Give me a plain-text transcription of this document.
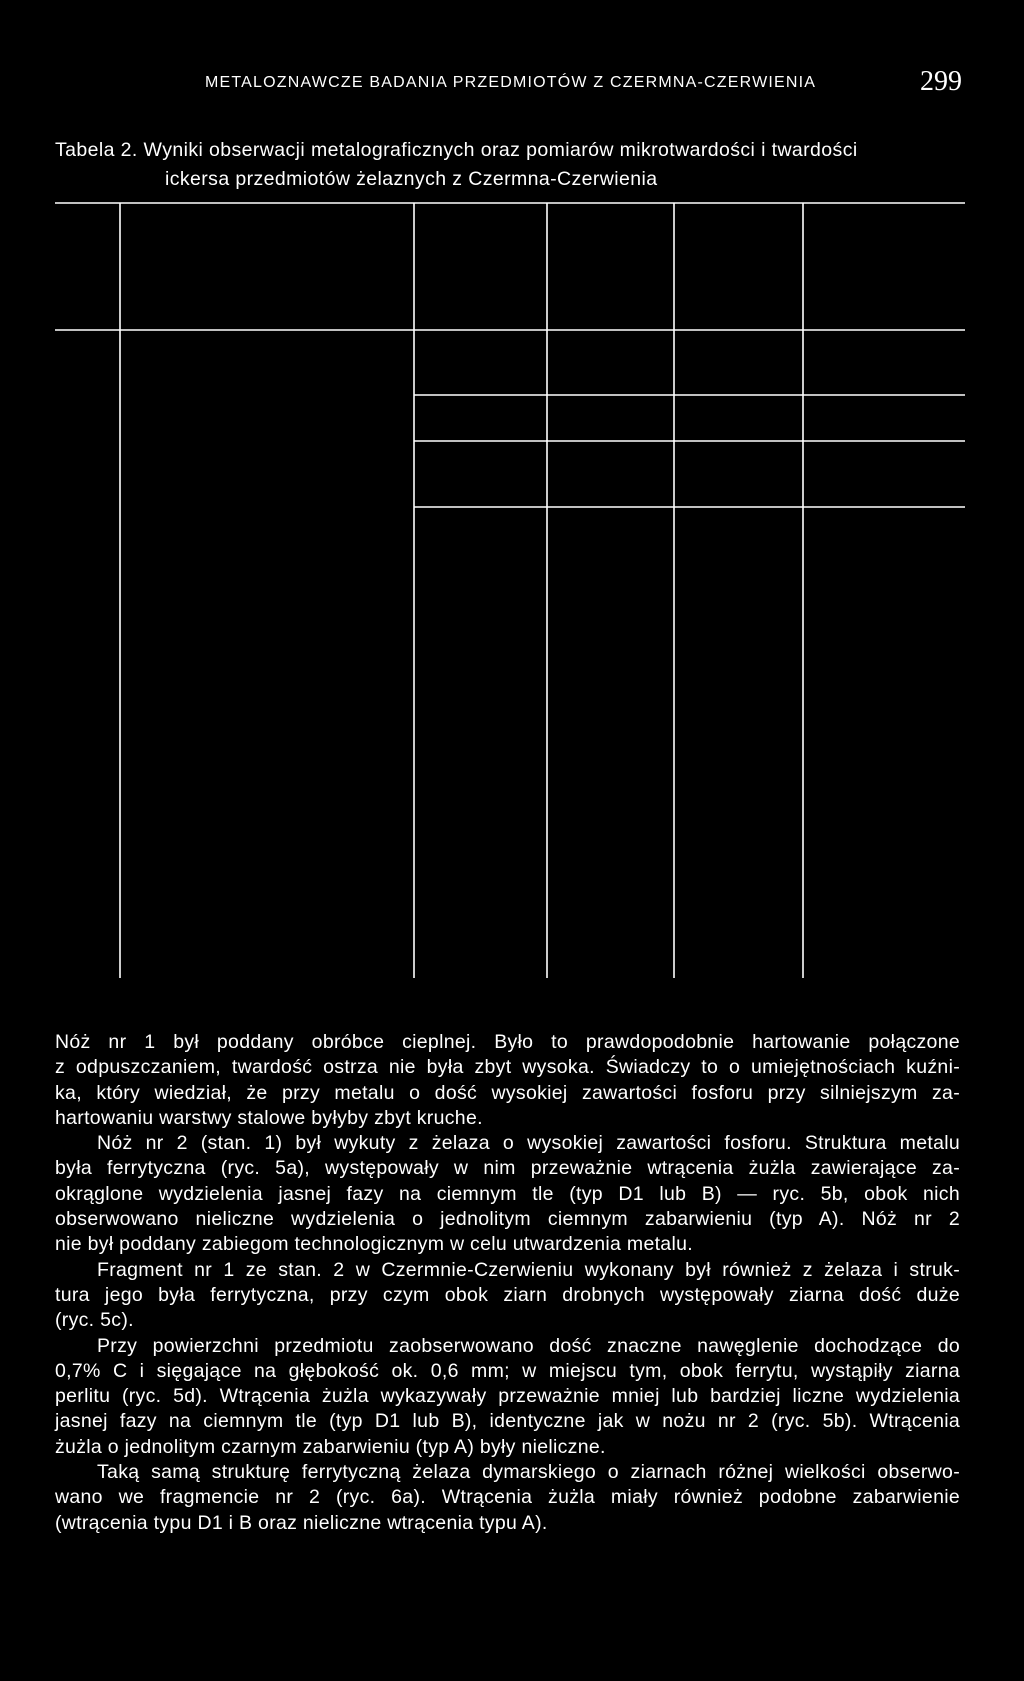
METALOZNAWCZE BADANIA PRZEDMIOTÓW Z CZERMNA-CZERWIENIA	299
Tabela 2. Wyniki obserwacji metalograficznych oraz pomiarów mikrotwardości i twardości
ickersa przedmiotów żelaznych z Czermna-Czerwienia

Nóż nr 1 był poddany obróbce cieplnej. Było to prawdopodobnie hartowanie połączone
z odpuszczaniem, twardość ostrza nie była zbyt wysoka. Świadczy to o umiejętnościach kuźni-
ka, który wiedział, że przy metalu o dość wysokiej zawartości fosforu przy silniejszym za-

hartowaniu warstwy stalowe byłyby zbyt kruche.

Nóż nr 2 (stan. 1) był wykuty z żelaza o wysokiej zawartości fosforu. Struktura metalu
była ferrytyczna (ryc. 5a), występowały w nim przeważnie wtrącenia żużla zawierające za-
okrąglone wydzielenia jasnej fazy na ciemnym tle (typ D1 lub B) — ryc. 5b, obok nich
obserwowano nieliczne wydzielenia o jednolitym ciemnym zabarwieniu (typ A). Nóż nr 2

nie był poddany zabiegom technologicznym w celu utwardzenia metalu.

Fragment nr 1 ze stan. 2 w Czermnie-Czerwieniu wykonany był również z żelaza i struk-
tura jego była ferrytyczna, przy czym obok ziarn drobnych występowały ziarna dość duże

(ryc. 5c).

Przy powierzchni przedmiotu zaobserwowano dość znaczne nawęglenie dochodzące do
0,7% C i sięgające na głębokość ok. 0,6 mm; w miejscu tym, obok ferrytu, wystąpiły ziarna
perlitu (ryc. 5d). Wtrącenia żużla wykazywały przeważnie mniej lub bardziej liczne wydzielenia
jasnej fazy na ciemnym tle (typ D1 lub B), identyczne jak w nożu nr 2 (ryc. 5b). Wtrącenia

żużla o jednolitym czarnym zabarwieniu (typ A) były nieliczne.

Taką samą strukturę ferrytyczną żelaza dymarskiego o ziarnach różnej wielkości obserwo-
wano we fragmencie nr 2 (ryc. 6a). Wtrącenia żużla miały również podobne zabarwienie

(wtrącenia typu D1 i B oraz nieliczne wtrącenia typu A).
